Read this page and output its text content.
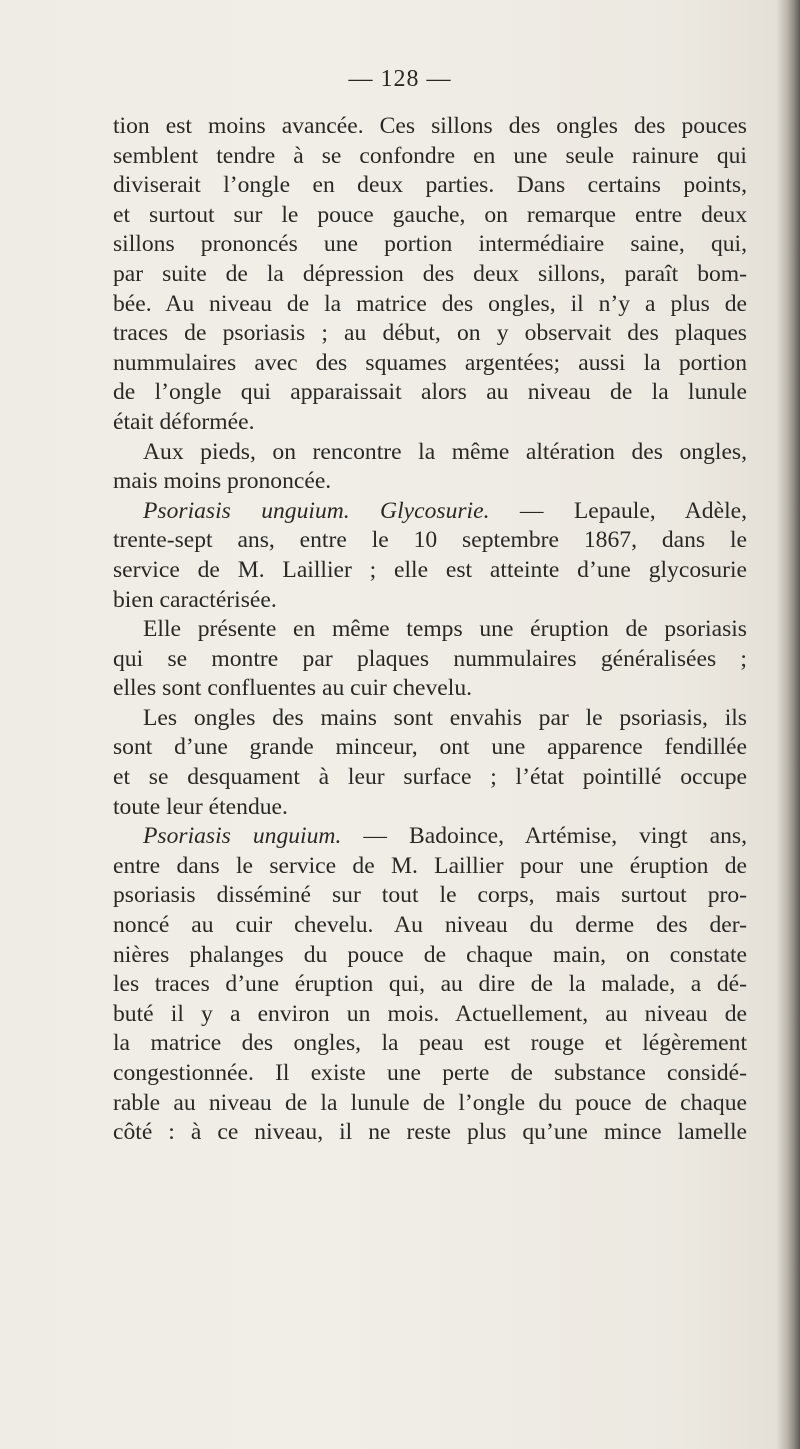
— 128 —
tion est moins avancée. Ces sillons des ongles des pouces
semblent tendre à se confondre en une seule rainure qui
diviserait l’ongle en deux parties. Dans certains points,
et surtout sur le pouce gauche, on remarque entre deux
sillons prononcés une portion intermédiaire saine, qui,
par suite de la dépression des deux sillons, paraît bom-
bée. Au niveau de la matrice des ongles, il n’y a plus de
traces de psoriasis ; au début, on y observait des plaques
nummulaires avec des squames argentées; aussi la portion
de l’ongle qui apparaissait alors au niveau de la lunule
était déformée.
Aux pieds, on rencontre la même altération des ongles,
mais moins prononcée.
Psoriasis unguium. Glycosurie. — Lepaule, Adèle,
trente-sept ans, entre le 10 septembre 1867, dans le
service de M. Laillier ; elle est atteinte d’une glycosurie
bien caractérisée.
Elle présente en même temps une éruption de psoriasis
qui se montre par plaques nummulaires généralisées ;
elles sont confluentes au cuir chevelu.
Les ongles des mains sont envahis par le psoriasis, ils
sont d’une grande minceur, ont une apparence fendillée
et se desquament à leur surface ; l’état pointillé occupe
toute leur étendue.
Psoriasis unguium. — Badoince, Artémise, vingt ans,
entre dans le service de M. Laillier pour une éruption de
psoriasis disséminé sur tout le corps, mais surtout pro-
noncé au cuir chevelu. Au niveau du derme des der-
nières phalanges du pouce de chaque main, on constate
les traces d’une éruption qui, au dire de la malade, a dé-
buté il y a environ un mois. Actuellement, au niveau de
la matrice des ongles, la peau est rouge et légèrement
congestionnée. Il existe une perte de substance considé-
rable au niveau de la lunule de l’ongle du pouce de chaque
côté : à ce niveau, il ne reste plus qu’une mince lamelle
